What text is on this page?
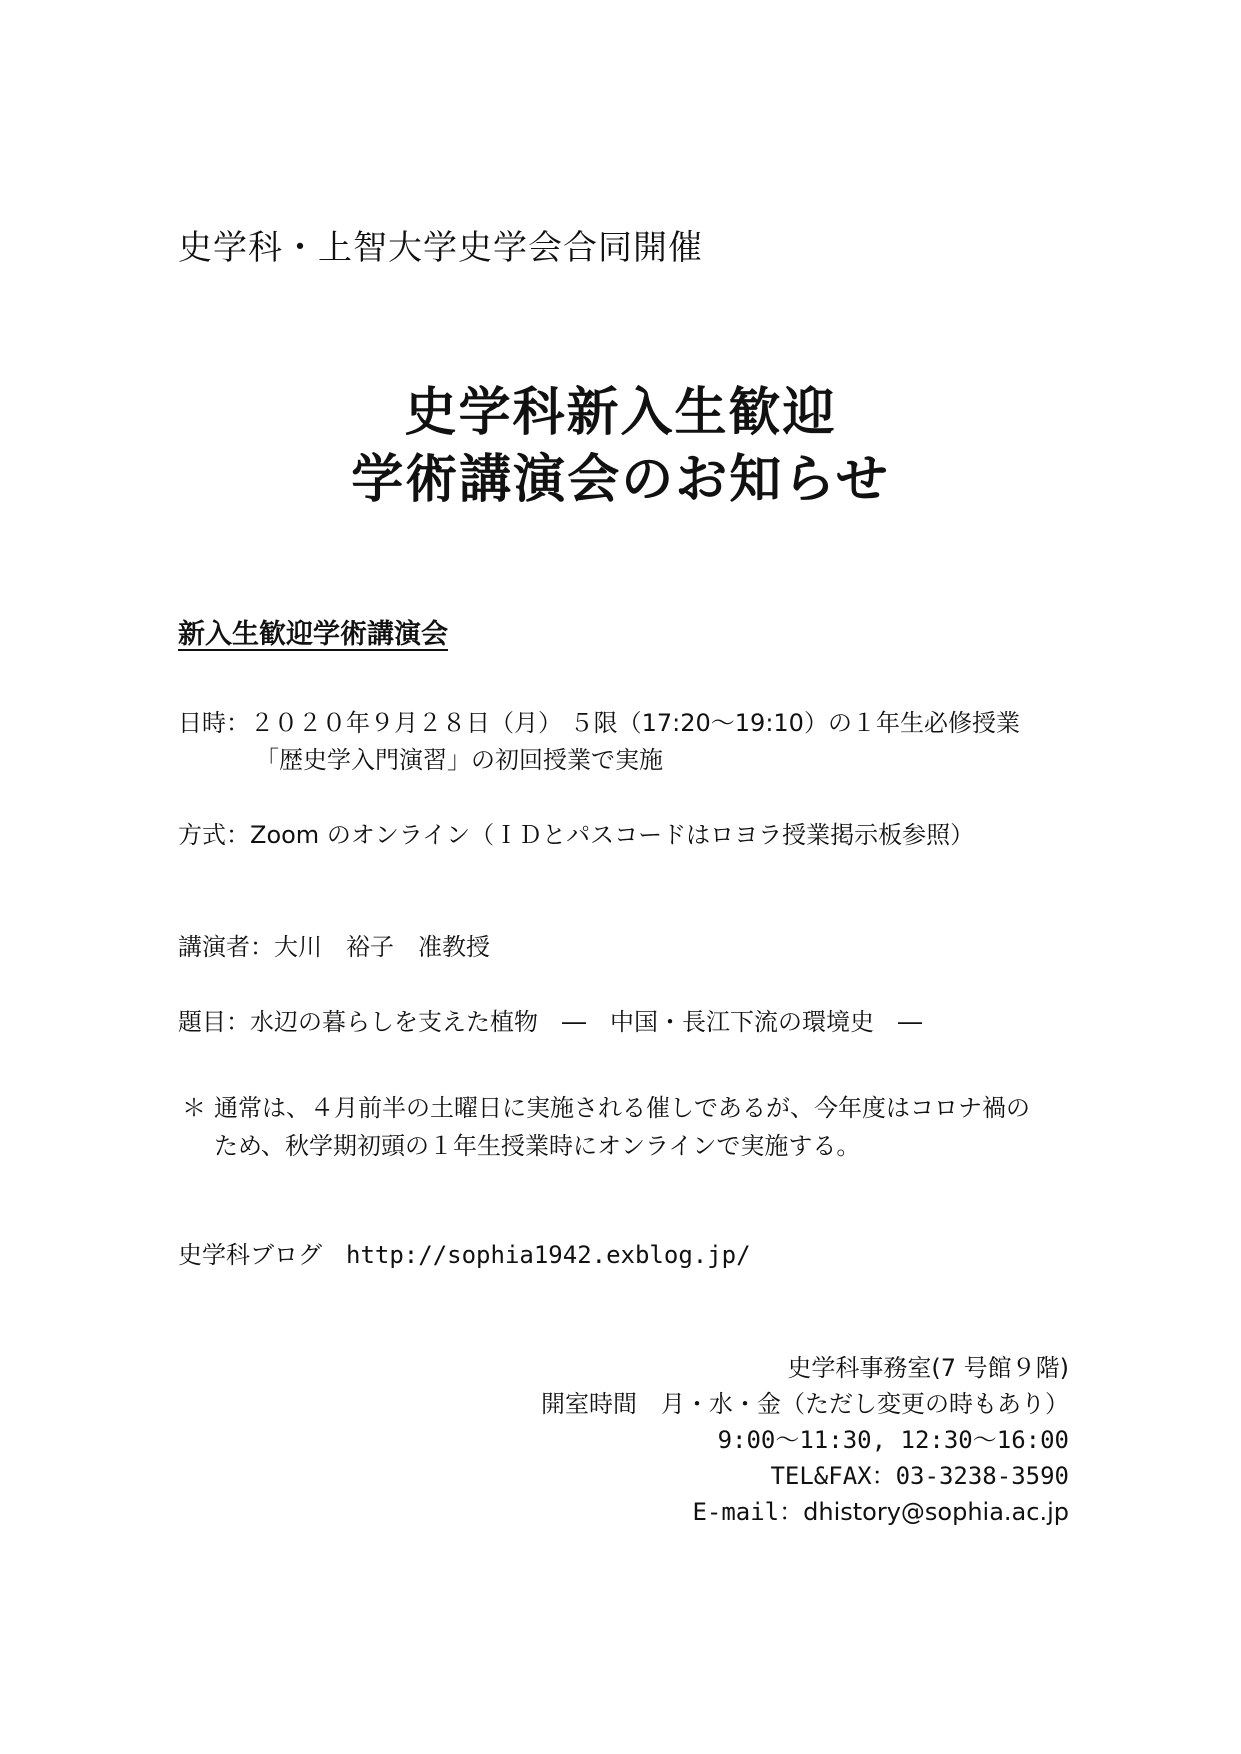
史学科・上智大学史学会合同開催
史学科新入生歓迎
学術講演会のお知らせ
新入生歓迎学術講演会
日時：２０２０年９月２８日（月） ５限（17:20～19:10）の１年生必修授業
「歴史学入門演習」の初回授業で実施
方式：Zoom のオンライン（ＩＤとパスコードはロヨラ授業掲示板参照）
講演者：大川　裕子　准教授
題目：水辺の暮らしを支えた植物　―　中国・長江下流の環境史　―
＊ 通常は、４月前半の土曜日に実施される催しであるが、今年度はコロナ禍の
ため、秋学期初頭の１年生授業時にオンラインで実施する。
史学科ブログ　 http://sophia1942.exblog.jp/
史学科事務室(7 号館９階)
開室時間　月・水・金（ただし変更の時もあり）
9:00～11:30, 12:30～16:00
TEL&FAX：03-3238-3590
E-mail：dhistory@sophia.ac.jp
